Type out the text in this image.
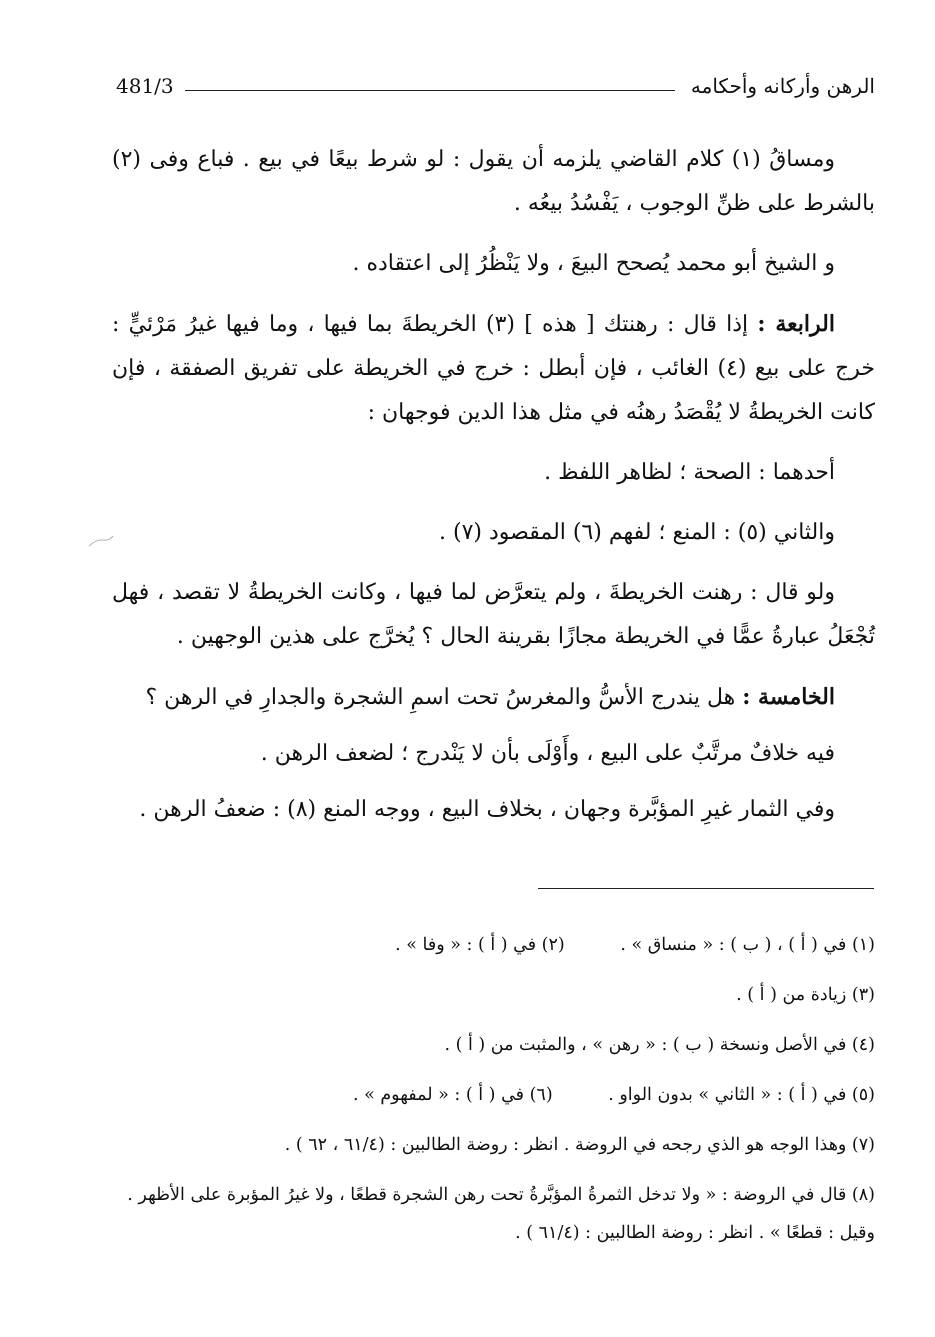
481/3	الرهن وأركانه وأحكامه

ومساقُ (١) كلام القاضي يلزمه أن يقول : لو شرط بيعًا في بيع . فباع وفى (٢) بالشرط على ظنِّ الوجوب ، يَفْسُدُ بيعُه .

و الشيخ أبو محمد يُصحح البيعَ ، ولا يَنْظُرُ إلى اعتقاده .

الرابعة : إذا قال : رهنتك [ هذه ] (٣) الخريطةَ بما فيها ، وما فيها غيرُ مَرْئيٍّ : خرج على بيع (٤) الغائب ، فإن أبطل : خرج في الخريطة على تفريق الصفقة ، فإن كانت الخريطةُ لا يُقْصَدُ رهنُه في مثل هذا الدين فوجهان :

أحدهما : الصحة ؛ لظاهر اللفظ .

والثاني (٥) : المنع ؛ لفهم (٦) المقصود (٧) .

ولو قال : رهنت الخريطةَ ، ولم يتعرَّض لما فيها ، وكانت الخريطةُ لا تقصد ، فهل تُجْعَلُ عبارةُ عمًّا في الخريطة مجازًا بقرينة الحال ؟ يُخرَّج على هذين الوجهين .

الخامسة : هل يندرج الأسُّ والمغرسُ تحت اسمِ الشجرة والجدارِ في الرهن ؟

فيه خلافٌ مرتَّبٌ على البيع ، وأَوْلَى بأن لا يَنْدرج ؛ لضعف الرهن .

وفي الثمار غيرِ المؤبَّرة وجهان ، بخلاف البيع ، ووجه المنع (٨) : ضعفُ الرهن .

(١) في ( أ ) ، ( ب ) : « منساق » . (٢) في ( أ ) : « وفا » .

(٣) زيادة من ( أ ) .

(٤) في الأصل ونسخة ( ب ) : « رهن » ، والمثبت من ( أ ) .

(٥) في ( أ ) : « الثاني » بدون الواو . (٦) في ( أ ) : « لمفهوم » .

(٧) وهذا الوجه هو الذي رجحه في الروضة . انظر : روضة الطالبين : (٦١/٤ ، ٦٢ ) .

(٨) قال في الروضة : « ولا تدخل الثمرةُ المؤبَّرةُ تحت رهن الشجرة قطعًا ، ولا غيرُ المؤبرة على الأظهر . وقيل : قطعًا » . انظر : روضة الطالبين : (٦١/٤ ) .
